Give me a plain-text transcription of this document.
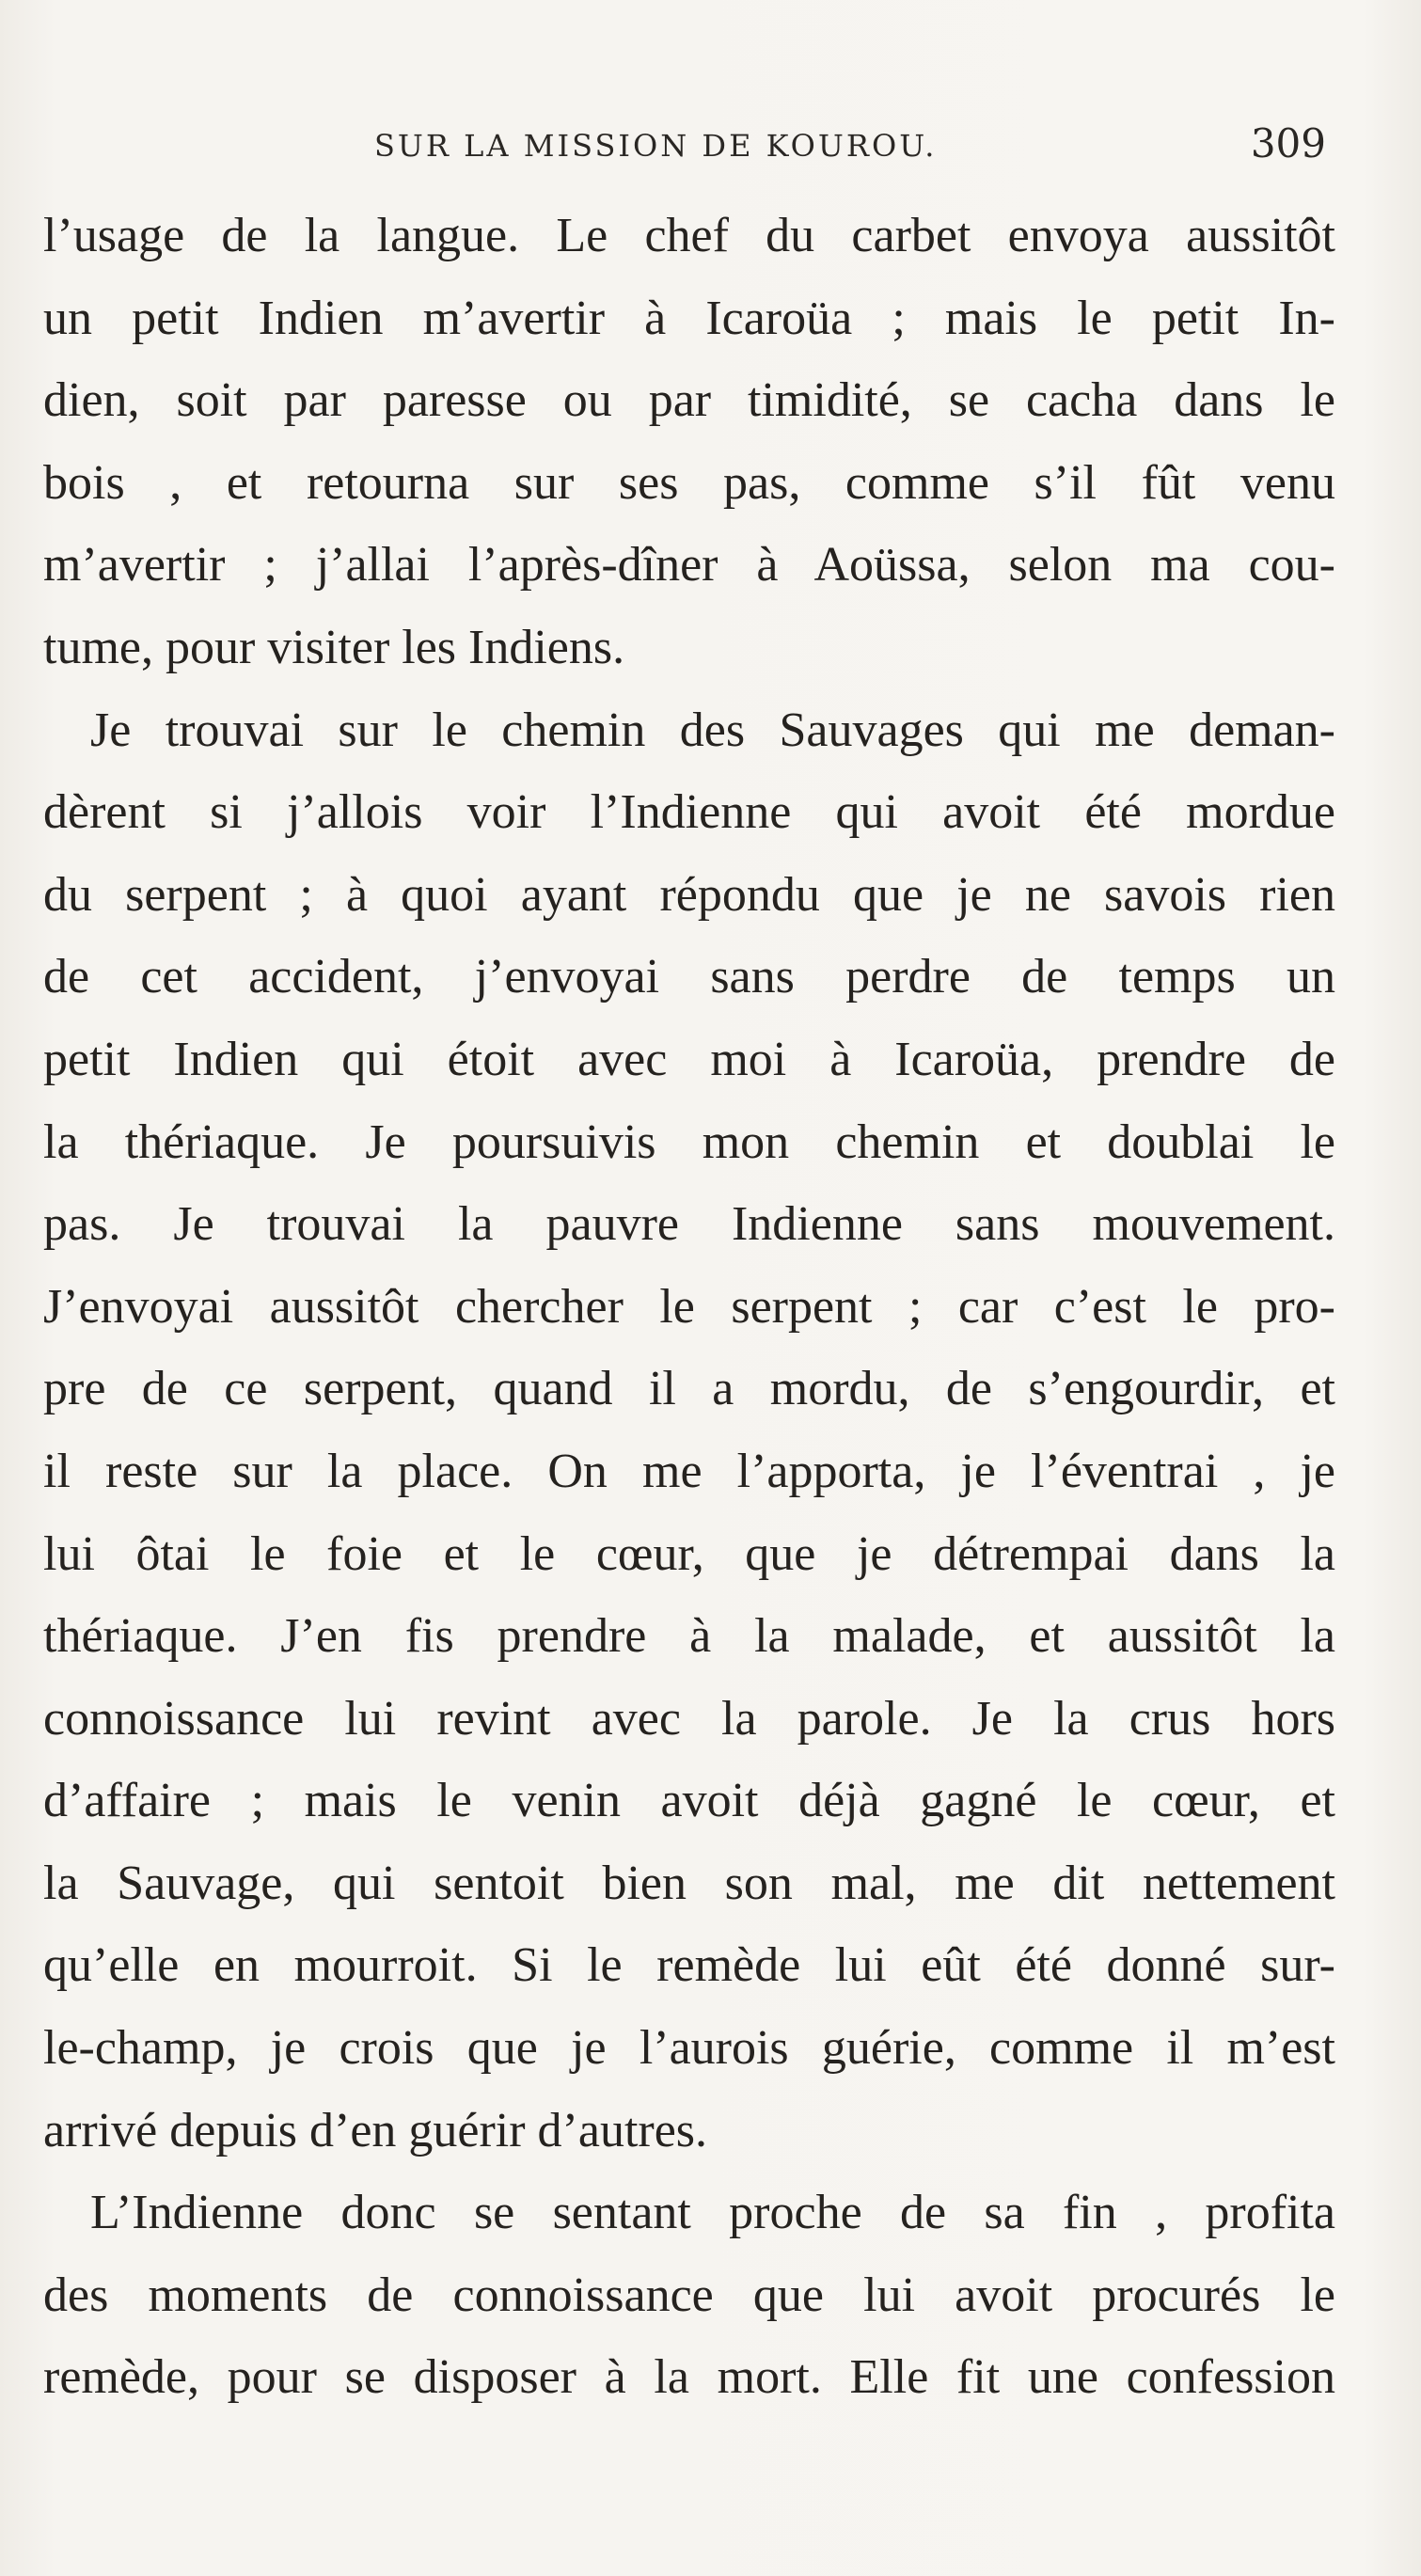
SUR LA MISSION DE KOUROU.	309
l’usage de la langue. Le chef du carbet envoya aussitôt
un petit Indien m’avertir à Icaroüa ; mais le petit In-
dien, soit par paresse ou par timidité, se cacha dans le
bois , et retourna sur ses pas, comme s’il fût venu
m’avertir ; j’allai l’après-dîner à Aoüssa, selon ma cou-
tume, pour visiter les Indiens.
Je trouvai sur le chemin des Sauvages qui me deman-
dèrent si j’allois voir l’Indienne qui avoit été mordue
du serpent ; à quoi ayant répondu que je ne savois rien
de cet accident, j’envoyai sans perdre de temps un
petit Indien qui étoit avec moi à Icaroüa, prendre de
la thériaque. Je poursuivis mon chemin et doublai le
pas. Je trouvai la pauvre Indienne sans mouvement.
J’envoyai aussitôt chercher le serpent ; car c’est le pro-
pre de ce serpent, quand il a mordu, de s’engourdir, et
il reste sur la place. On me l’apporta, je l’éventrai , je
lui ôtai le foie et le cœur, que je détrempai dans la
thériaque. J’en fis prendre à la malade, et aussitôt la
connoissance lui revint avec la parole. Je la crus hors
d’affaire ; mais le venin avoit déjà gagné le cœur, et
la Sauvage, qui sentoit bien son mal, me dit nettement
qu’elle en mourroit. Si le remède lui eût été donné sur-
le-champ, je crois que je l’aurois guérie, comme il m’est
arrivé depuis d’en guérir d’autres.
L’Indienne donc se sentant proche de sa fin , profita
des moments de connoissance que lui avoit procurés le
remède, pour se disposer à la mort. Elle fit une confession
